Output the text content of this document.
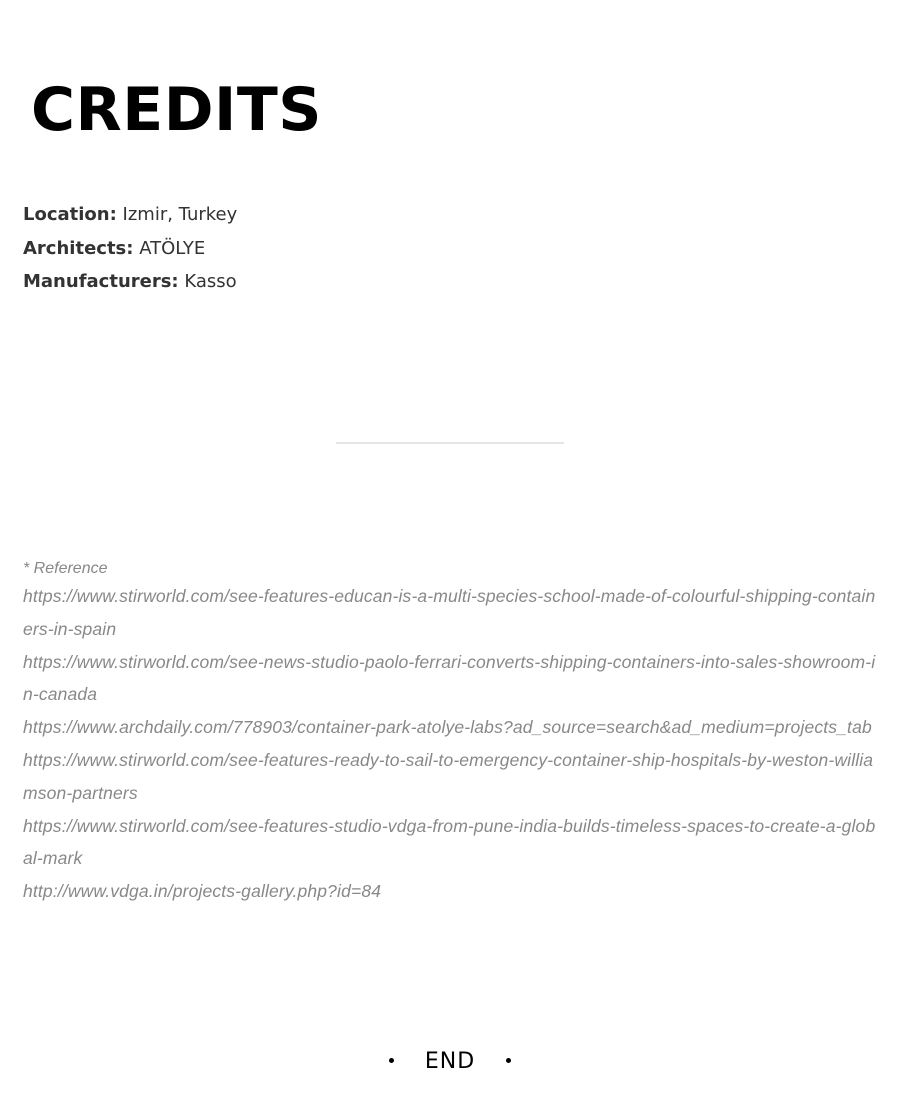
CREDITS
Location: Izmir, Turkey
Architects: ATÖLYE
Manufacturers: Kasso
* Reference
https://www.stirworld.com/see-features-educan-is-a-multi-species-school-made-of-colourful-shipping-containers-in-spain
https://www.stirworld.com/see-news-studio-paolo-ferrari-converts-shipping-containers-into-sales-showroom-in-canada
https://www.archdaily.com/778903/container-park-atolye-labs?ad_source=search&ad_medium=projects_tab
https://www.stirworld.com/see-features-ready-to-sail-to-emergency-container-ship-hospitals-by-weston-williamson-partners
https://www.stirworld.com/see-features-studio-vdga-from-pune-india-builds-timeless-spaces-to-create-a-global-mark
http://www.vdga.in/projects-gallery.php?id=84
END
